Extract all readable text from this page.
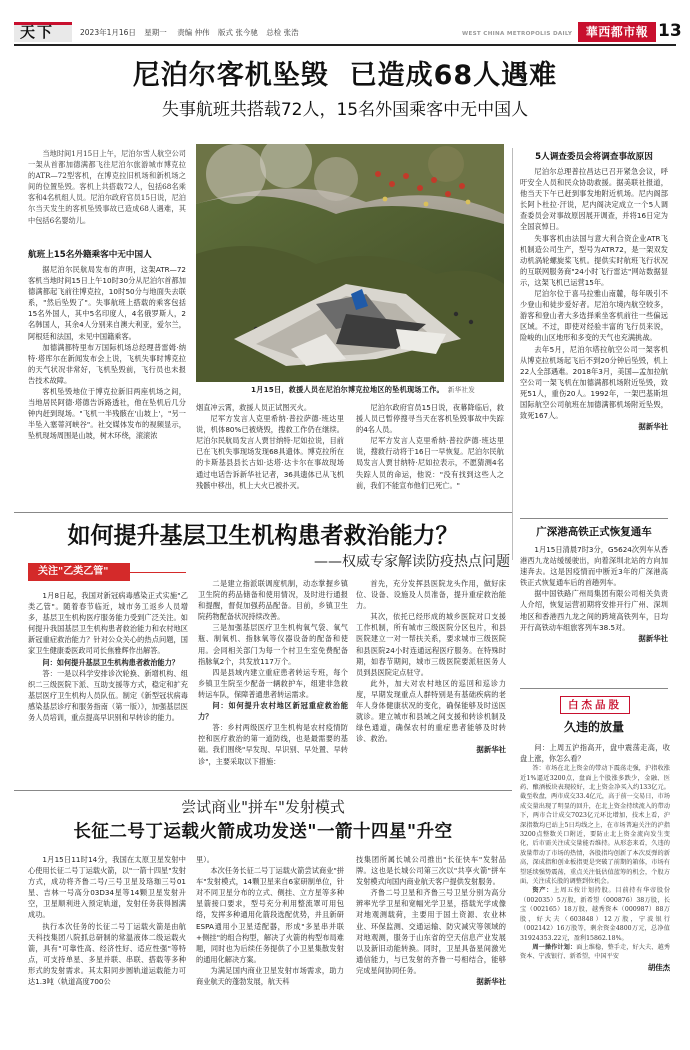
天下	2023年1月16日 星期一 责编 仲伟 版式 张今驰 总检 张浩	WEST CHINA METROPOLIS DAILY	華西都市報 13
尼泊尔客机坠毁  已造成68人遇难
失事航班共搭载72人，15名外国乘客中无中国人

当地时间1月15日上午，尼泊尔雪人航空公司一架从首都加德满都飞往尼泊尔旅游城市博克拉的ATR—72型客机，在博克拉旧机场和新机场之间的位置坠毁。客机上共搭载72人，包括68名乘客和4名机组人员。尼泊尔政府官员15日说，尼泊尔当天发生的客机坠毁事故已造成68人遇难，其中包括6名婴幼儿。

航班上15名外籍乘客中无中国人

据尼泊尔民航局发布的声明，这架ATR—72客机当地时间15日上午10时30分从尼泊尔首都加德满都起飞前往博克拉，10时50分与地面失去联系，"然后坠毁了"。失事航班上搭载的乘客包括15名外国人，其中5名印度人，4名俄罗斯人，2名韩国人，其余4人分别来自澳大利亚，爱尔兰，阿根廷和法国，未见中国籍乘客。

加德满都特里布万国际机场总经理普雷姆·纳特·塔库尔在新闻发布会上说，飞机失事时博克拉的天气状况非常好，飞机坠毁前，飞行员也未报告技术故障。

客机坠毁地位于博克拉新旧两座机场之间，当地居民阿德·塔德告诉路透社，他在坠机后几分钟内赶到现场。"飞机一半残骸在'山坡上'，"另一半坠入塞蒂河峡谷"。社交媒体发布的视频显示，坠机现场周围是山坡，树木环绕，滚滚浓

1月15日，救援人员在尼泊尔博克拉地区的坠机现场工作。 新华社发

烟直冲云霄，救援人员正试图灭火。

尼军方发言人克里希纳·普拉萨德·班达里说，机体80%已被烧毁，搜救工作仍在继续。尼泊尔民航局发言人贾甘纳特·尼如拉说，目前已在飞机失事现场发现68具遗体。博克拉所在的卡斯基县县长古如·达塔·达卡尔在事故现场通过电话告诉新华社记者，36具遗体已从飞机残骸中移出，机上大火已被扑灭。

尼泊尔政府官员15日说，夜幕降临后，救援人员已暂停搜寻当天在客机坠毁事故中失踪的4名人员。

尼军方发言人克里希纳·普拉萨德·班达里说，搜救行动将于16日一早恢复。尼泊尔民航局发言人贾甘纳特·尼如拉表示，不愿猜测4名失踪人员的命运，他说："没有找到这些人之前，我们不能宣布他们已死亡。"

5人调查委员会将调查事故原因

尼泊尔总理普拉昌达已召开紧急会议，呼吁安全人员和民众协助救援。据美联社报道，他当天下午已赶到事发地附近机场。尼内阁部长阿卜杜拉·汗说，尼内阁决定成立一个5人调查委员会对事故原因展开调查，并将16日定为全国哀悼日。

失事客机由法国与意大利合资企业ATR飞机制造公司生产，型号为ATR72，是一架双发动机涡轮螺旋桨飞机。提供实时航班飞行状况的互联网服务商"24小时飞行雷达"网站数据显示，这架飞机已运营15年。

尼泊尔位于喜马拉雅山南麓，每年吸引不少登山和徒步爱好者。尼泊尔境内航空较多，游客和登山者大多选择乘坐客机前往一些偏远区域。不过，即使对经验丰富的飞行员来说，险峻的山区地形和多变的天气也充满挑战。

去年5月，尼泊尔塔拉航空公司一架客机从博克拉机场起飞后不到20分钟后坠毁，机上22人全部遇难。2018年3月，美国—孟加拉航空公司一架飞机在加德满都机场附近坠毁，致死51人，重伤20人。1992年，一架巴基斯坦国际航空公司航班在加德满都机场附近坠毁，致死167人。

据新华社
如何提升基层卫生机构患者救治能力？
——权威专家解读防疫热点问题
关注"乙类乙管"

1月8日起，我国对新冠病毒感染正式实施"乙类乙管"。随着春节临近，城市务工返乡人员增多，基层卫生机构医疗服务能力受到广泛关注。如何提升我国基层卫生机构患者救治能力和农村地区新冠重症救治能力？针对公众关心的热点问题，国家卫生健康委医政司司长焦雅辉作出解答。

问：如何提升基层卫生机构患者救治能力？

答：一是以科学安排诊次轮换、新增机构、组织二三级医院下派、互助支援等方式，稳定和扩充基层医疗卫生机构人员队伍。制定《新型冠状病毒感染基层诊疗和服务指南（第一版）》，加强基层医务人员培训，重点提高早识别和早转诊的能力。

二是建立指派联调度机制，动态掌握乡镇卫生院的药品储备和使用情况，及时进行通报和提醒，督促加强药品配备。目前，乡镇卫生院药物配备状况持续改善。

三是加强基层医疗卫生机构氧气袋、氧气瓶、制氧机、指脉氧等仪器设备的配备和使用。会同相关部门为每一个村卫生室免费配备指脉氧2个，共发放117万个。

四是县域内建立重症患者转运专班，每个乡镇卫生院至少配备一辆救护车，组建非急救转运车队，保障普通患者转运需求。

问：如何提升农村地区新冠重症救治能力？

答：乡村两级医疗卫生机构是农村疫情防控和医疗救治的第一道防线，也是最需要的基础。我们围绕"早发现、早识别、早处置、早转诊"，主要采取以下措施：

首先，充分发挥县医院龙头作用，做好床位、设备、设施及人员准备，提升重症救治能力。

其次，依托已经形成的城乡医院对口支援工作机制，所有城市三级医院分区包片，和县医院建立一对一帮扶关系，要求城市三级医院和县医院24小时连通远程医疗服务。在特殊时期，如春节期间，城市三级医院要派驻医务人员到县医院定点驻守。

此外，加大对农村地区的巡回和巡诊力度，早期发现重点人群特别是有基础疾病的老年人身体健康状况的变化，确保能够及时送医就诊。建立城市和县域之间支援和转诊机制及绿色通道，确保农村的重症患者能够及时转诊、救治。

据新华社
广深港高铁正式恢复通车

1月15日清晨7时3分，G5624次列车从香港西九龙站缓缓驶出，向着深圳北站的方向加速奔去。这是因疫情而中断近3年的广深港高铁正式恢复通车后的首趟列车。

据中国铁路广州局集团有限公司相关负责人介绍，恢复运营初期将安排开行广州、深圳地区和香港西九龙之间的跨境高铁列车，日均开行高铁动车组旅客列车38.5对。

据新华社
白杰品股
久违的放量

问：上周五沪指高开，盘中震荡走高，收盘上涨，你怎么看？

答：市场在北上资金的带动下震荡走强，沪指收涨近1%逼近3200点，盘面上个股涨多跌少，金融、医药、酿酒板块表现较好，北上资金净买入约133亿元。截至收盘，两市成交33.4亿元，高于前一交易日，市场成交量出现了明显的回升，在北上资金持续流入的带动下，两市合计成交7023亿元环比增加，技术上看，沪深指数均已站上5日均线之上，在市场普遍关注的沪指3200点整数关口附近，要防止北上资金流向发生变化，后市需关注成交量能否维持。从形态来看，久违的放量带动了市场的热情，各股指均创新了本次反弹的新高，深成指和创业板指更是突破了前期的箱体，市场有望延续强势震荡，重点关注低估值蓝筹的机会，个股方面，关注成长股的调整到位机会。

资产：上周五按计划持股。目前持有华帝股份（002035）5万股，新希望（000876）38万股，长宝（002165）18万股，越秀资本（000987）88万股，好大夫（603848）12万股，宁波银行（002142）16万股等，剩余资金4800万元，总净值31924353.22元，盈利15862.18%。

周一操作计划：面上维稳，整手走，好大夫、越秀资本、宁波银行、新希望，中国平安

胡佳杰
尝试商业"拼车"发射模式
长征二号丁运载火箭成功发送"一箭十四星"升空

1月15日11时14分，我国在太原卫星发射中心使用长征二号丁运载火箭，以"一箭十四星"发射方式，成功将齐鲁二号/三号卫星及珞珈三号01星、吉林一号高分03D34星等14颗卫星发射升空，卫星顺利进入预定轨道，发射任务获得圆满成功。

执行本次任务的长征二号丁运载火箭是由航天科技集团八院抓总研制的常温液体二级运载火箭，具有"可靠性高、经济性好、适应性强"等特点，可支持单星、多星并联、串联、搭载等多种形式的发射需求。其太阳同步圆轨道运载能力可达1.3吨（轨道高度700公

里）。

本次任务长征二号丁运载火箭尝试商业"拼车"发射模式，14颗卫星来自6家研制单位，针对不同卫星分布的立式、侧挂、立方星等多种星箭接口要求，型号充分利用整流罩可用包络，发挥多种通用化箭段选配优势，并且新研ESPA通用小卫星适配器，形成"多星串并联+侧挂"的组合构型，解决了火箭的构型布局难题，同时也为后续任务提供了小卫星集散发射的通用化解决方案。

为满足国内商业卫星发射市场需求，助力商业航天的蓬勃发展，航天科

技集团所属长城公司推出"长征快车"发射品牌。这也是长城公司第三次以"共享火箭"拼车发射模式向国内商业航天客户提供发射服务。

齐鲁二号卫星和齐鲁三号卫星分别为高分辨率光学卫星和宽幅光学卫星，搭载光学成像对地观测载荷，主要用于国土资源、农业林业、环保监测、交通运输、防灾减灾等领域的对地观测，服务于山东省的空天信息产业发展以及新旧动能转换。同时，卫星具备星间激光通信能力，与已发射的齐鲁一号相结合，能够完成星间协同任务。

据新华社
